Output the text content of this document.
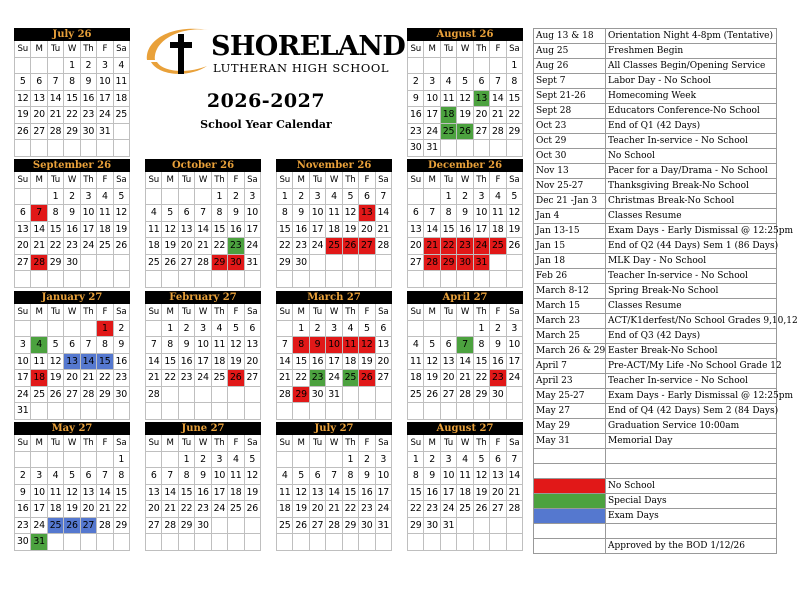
SHORELAND
LUTHERAN HIGH SCHOOL
2026-2027
School Year Calendar
July 26
Su	M	Tu	W	Th	F	Sa
			1	2	3	4
5	6	7	8	9	10	11
12	13	14	15	16	17	18
19	20	21	22	23	24	25
26	27	28	29	30	31	

August 26
Su	M	Tu	W	Th	F	Sa
						1
2	3	4	5	6	7	8
9	10	11	12	13	14	15
16	17	18	19	20	21	22
23	24	25	26	27	28	29
30	31					
September 26
Su	M	Tu	W	Th	F	Sa
		1	2	3	4	5
6	7	8	9	10	11	12
13	14	15	16	17	18	19
20	21	22	23	24	25	26
27	28	29	30			

October 26
Su	M	Tu	W	Th	F	Sa
				1	2	3
4	5	6	7	8	9	10
11	12	13	14	15	16	17
18	19	20	21	22	23	24
25	26	27	28	29	30	31

November 26
Su	M	Tu	W	Th	F	Sa
1	2	3	4	5	6	7
8	9	10	11	12	13	14
15	16	17	18	19	20	21
22	23	24	25	26	27	28
29	30					

December 26
Su	M	Tu	W	Th	F	Sa
		1	2	3	4	5
6	7	8	9	10	11	12
13	14	15	16	17	18	19
20	21	22	23	24	25	26
27	28	29	30	31		

January 27
Su	M	Tu	W	Th	F	Sa
					1	2
3	4	5	6	7	8	9
10	11	12	13	14	15	16
17	18	19	20	21	22	23
24	25	26	27	28	29	30
31						
February 27
Su	M	Tu	W	Th	F	Sa
	1	2	3	4	5	6
7	8	9	10	11	12	13
14	15	16	17	18	19	20
21	22	23	24	25	26	27
28						

March 27
Su	M	Tu	W	Th	F	Sa
	1	2	3	4	5	6
7	8	9	10	11	12	13
14	15	16	17	18	19	20
21	22	23	24	25	26	27
28	29	30	31			

April 27
Su	M	Tu	W	Th	F	Sa
				1	2	3
4	5	6	7	8	9	10
11	12	13	14	15	16	17
18	19	20	21	22	23	24
25	26	27	28	29	30	

May 27
Su	M	Tu	W	Th	F	Sa
						1
2	3	4	5	6	7	8
9	10	11	12	13	14	15
16	17	18	19	20	21	22
23	24	25	26	27	28	29
30	31					
June 27
Su	M	Tu	W	Th	F	Sa
		1	2	3	4	5
6	7	8	9	10	11	12
13	14	15	16	17	18	19
20	21	22	23	24	25	26
27	28	29	30			

July 27
Su	M	Tu	W	Th	F	Sa
				1	2	3
4	5	6	7	8	9	10
11	12	13	14	15	16	17
18	19	20	21	22	23	24
25	26	27	28	29	30	31

August 27
Su	M	Tu	W	Th	F	Sa
1	2	3	4	5	6	7
8	9	10	11	12	13	14
15	16	17	18	19	20	21
22	23	24	25	26	27	28
29	30	31				

Aug 13 & 18	Orientation Night 4-8pm (Tentative)
Aug 25	Freshmen Begin
Aug 26	All Classes Begin/Opening Service
Sept 7	Labor Day - No School
Sept 21-26	Homecoming Week
Sept 28	Educators Conference-No School
Oct 23	End of Q1 (42 Days)
Oct 29	Teacher In-service - No School
Oct 30	No School
Nov 13	Pacer for a Day/Drama - No School
Nov 25-27	Thanksgiving Break-No School
Dec 21 -Jan 3	Christmas Break-No School
Jan 4	Classes Resume
Jan 13-15	Exam Days - Early Dismissal @ 12:25pm
Jan 15	End of Q2 (44 Days) Sem 1 (86 Days)
Jan 18	MLK Day - No School
Feb 26	Teacher In-service - No School
March 8-12	Spring Break-No School
March 15	Classes Resume
March 23	ACT/K1derfest/No School Grades 9,10,12
March 25	End of Q3 (42 Days)
March 26 & 29	Easter Break-No School
April 7	Pre-ACT/My Life -No School Grade 12
April 23	Teacher In-service - No School
May 25-27	Exam Days - Early Dismissal @ 12:25pm
May 27	End of Q4 (42 Days) Sem 2 (84 Days)
May 29	Graduation Service 10:00am
May 31	Memorial Day

	No School
	Special Days
	Exam Days

	Approved by the BOD 1/12/26
